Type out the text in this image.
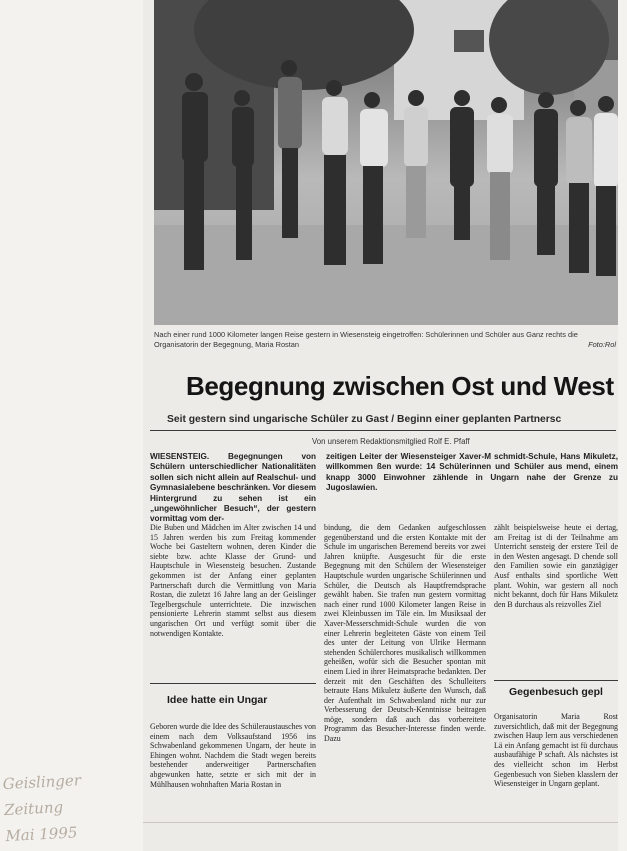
Nach einer rund 1000 Kilometer langen Reise gestern in Wiesensteig eingetroffen: Schülerinnen und Schüler aus Ganz rechts die Organisatorin der Begegnung, Maria Rostan	Foto:Rol
Begegnung zwischen Ost und West
Seit gestern sind ungarische Schüler zu Gast / Beginn einer geplanten Partnersc
Von unserem Redaktionsmitglied Rolf E. Pfaff
WIESENSTEIG. Begegnungen von Schülern unterschiedlicher Nationalitäten sollen sich nicht allein auf Realschul- und Gymnasialebene beschränken. Vor diesem Hintergrund zu sehen ist ein „ungewöhnlicher Besuch“, der gestern vormittag vom der-
zeitigen Leiter der Wiesensteiger Xaver-M schmidt-Schule, Hans Mikuletz, willkommen ßen wurde: 14 Schülerinnen und Schüler aus mend, einem knapp 3000 Einwohner zählende in Ungarn nahe der Grenze zu Jugoslawien.
Die Buben und Mädchen im Alter zwischen 14 und 15 Jahren werden bis zum Freitag kommender Woche bei Gasteltern wohnen, deren Kinder die siebte bzw. achte Klasse der Grund- und Hauptschule in Wiesensteig besuchen. Zustande gekommen ist der Anfang einer geplanten Partnerschaft durch die Vermittlung von Maria Rostan, die zuletzt 16 Jahre lang an der Geislinger Tegelbergschule unterrichtete. Die inzwischen pensionierte Lehrerin stammt selbst aus diesem ungarischen Ort und verfügt somit über die notwendigen Kontakte.
Idee hatte ein Ungar
Geboren wurde die Idee des Schüleraustausches von einem nach dem Volksaufstand 1956 ins Schwabenland gekommenen Ungarn, der heute in Ehingen wohnt. Nachdem die Stadt wegen bereits bestehender anderweitiger Partnerschaften abgewunken hatte, setzte er sich mit der in Mühlhausen wohnhaften Maria Rostan in
bindung, die dem Gedanken aufgeschlossen gegenüberstand und die ersten Kontakte mit der Schule im ungarischen Beremend bereits vor zwei Jahren knüpfte. Ausgesucht für die erste Begegnung mit den Schülern der Wiesensteiger Hauptschule wurden ungarische Schülerinnen und Schüler, die Deutsch als Hauptfremdsprache gewählt haben. Sie trafen nun gestern vormittag nach einer rund 1000 Kilometer langen Reise in zwei Kleinbussen im Täle ein. Im Musiksaal der Xaver-Messerschmidt-Schule wurden die von einer Lehrerin begleiteten Gäste von einem Teil des unter der Leitung von Ulrike Hermann stehenden Schülerchores musikalisch willkommen geheißen, wofür sich die Besucher spontan mit einem Lied in ihrer Heimatsprache bedankten. Der derzeit mit den Geschäften des Schulleiters betraute Hans Mikuletz äußerte den Wunsch, daß der Aufenthalt im Schwabenland nicht nur zur Verbesserung der Deutsch-Kenntnisse beitragen möge, sondern daß auch das vorbereitete Programm das Besucher-Interesse finden werde. Dazu
zählt beispielsweise heute ei dertag, am Freitag ist di der Teilnahme am Unterricht sensteig der erstere Teil de in den Westen angesagt. D chende soll den Familien sowie ein ganztägiger Ausf enthalts sind sportliche Wett plant. Wohin, war gestern all noch nicht bekannt, doch für Hans Mikuletz den B durchaus als reizvolles Ziel
Gegenbesuch gepl
Organisatorin Maria Rost zuversichtlich, daß mit der Begegnung zwischen Haup lern aus verschiedenen Lä ein Anfang gemacht ist fü durchaus ausbaufähige P schaft. Als nächstes ist des vielleicht schon im Herbst Gegenbesuch von Sieben klasslern der Wiesensteiger in Ungarn geplant.
Geislinger Zeitung
Mai 1995
